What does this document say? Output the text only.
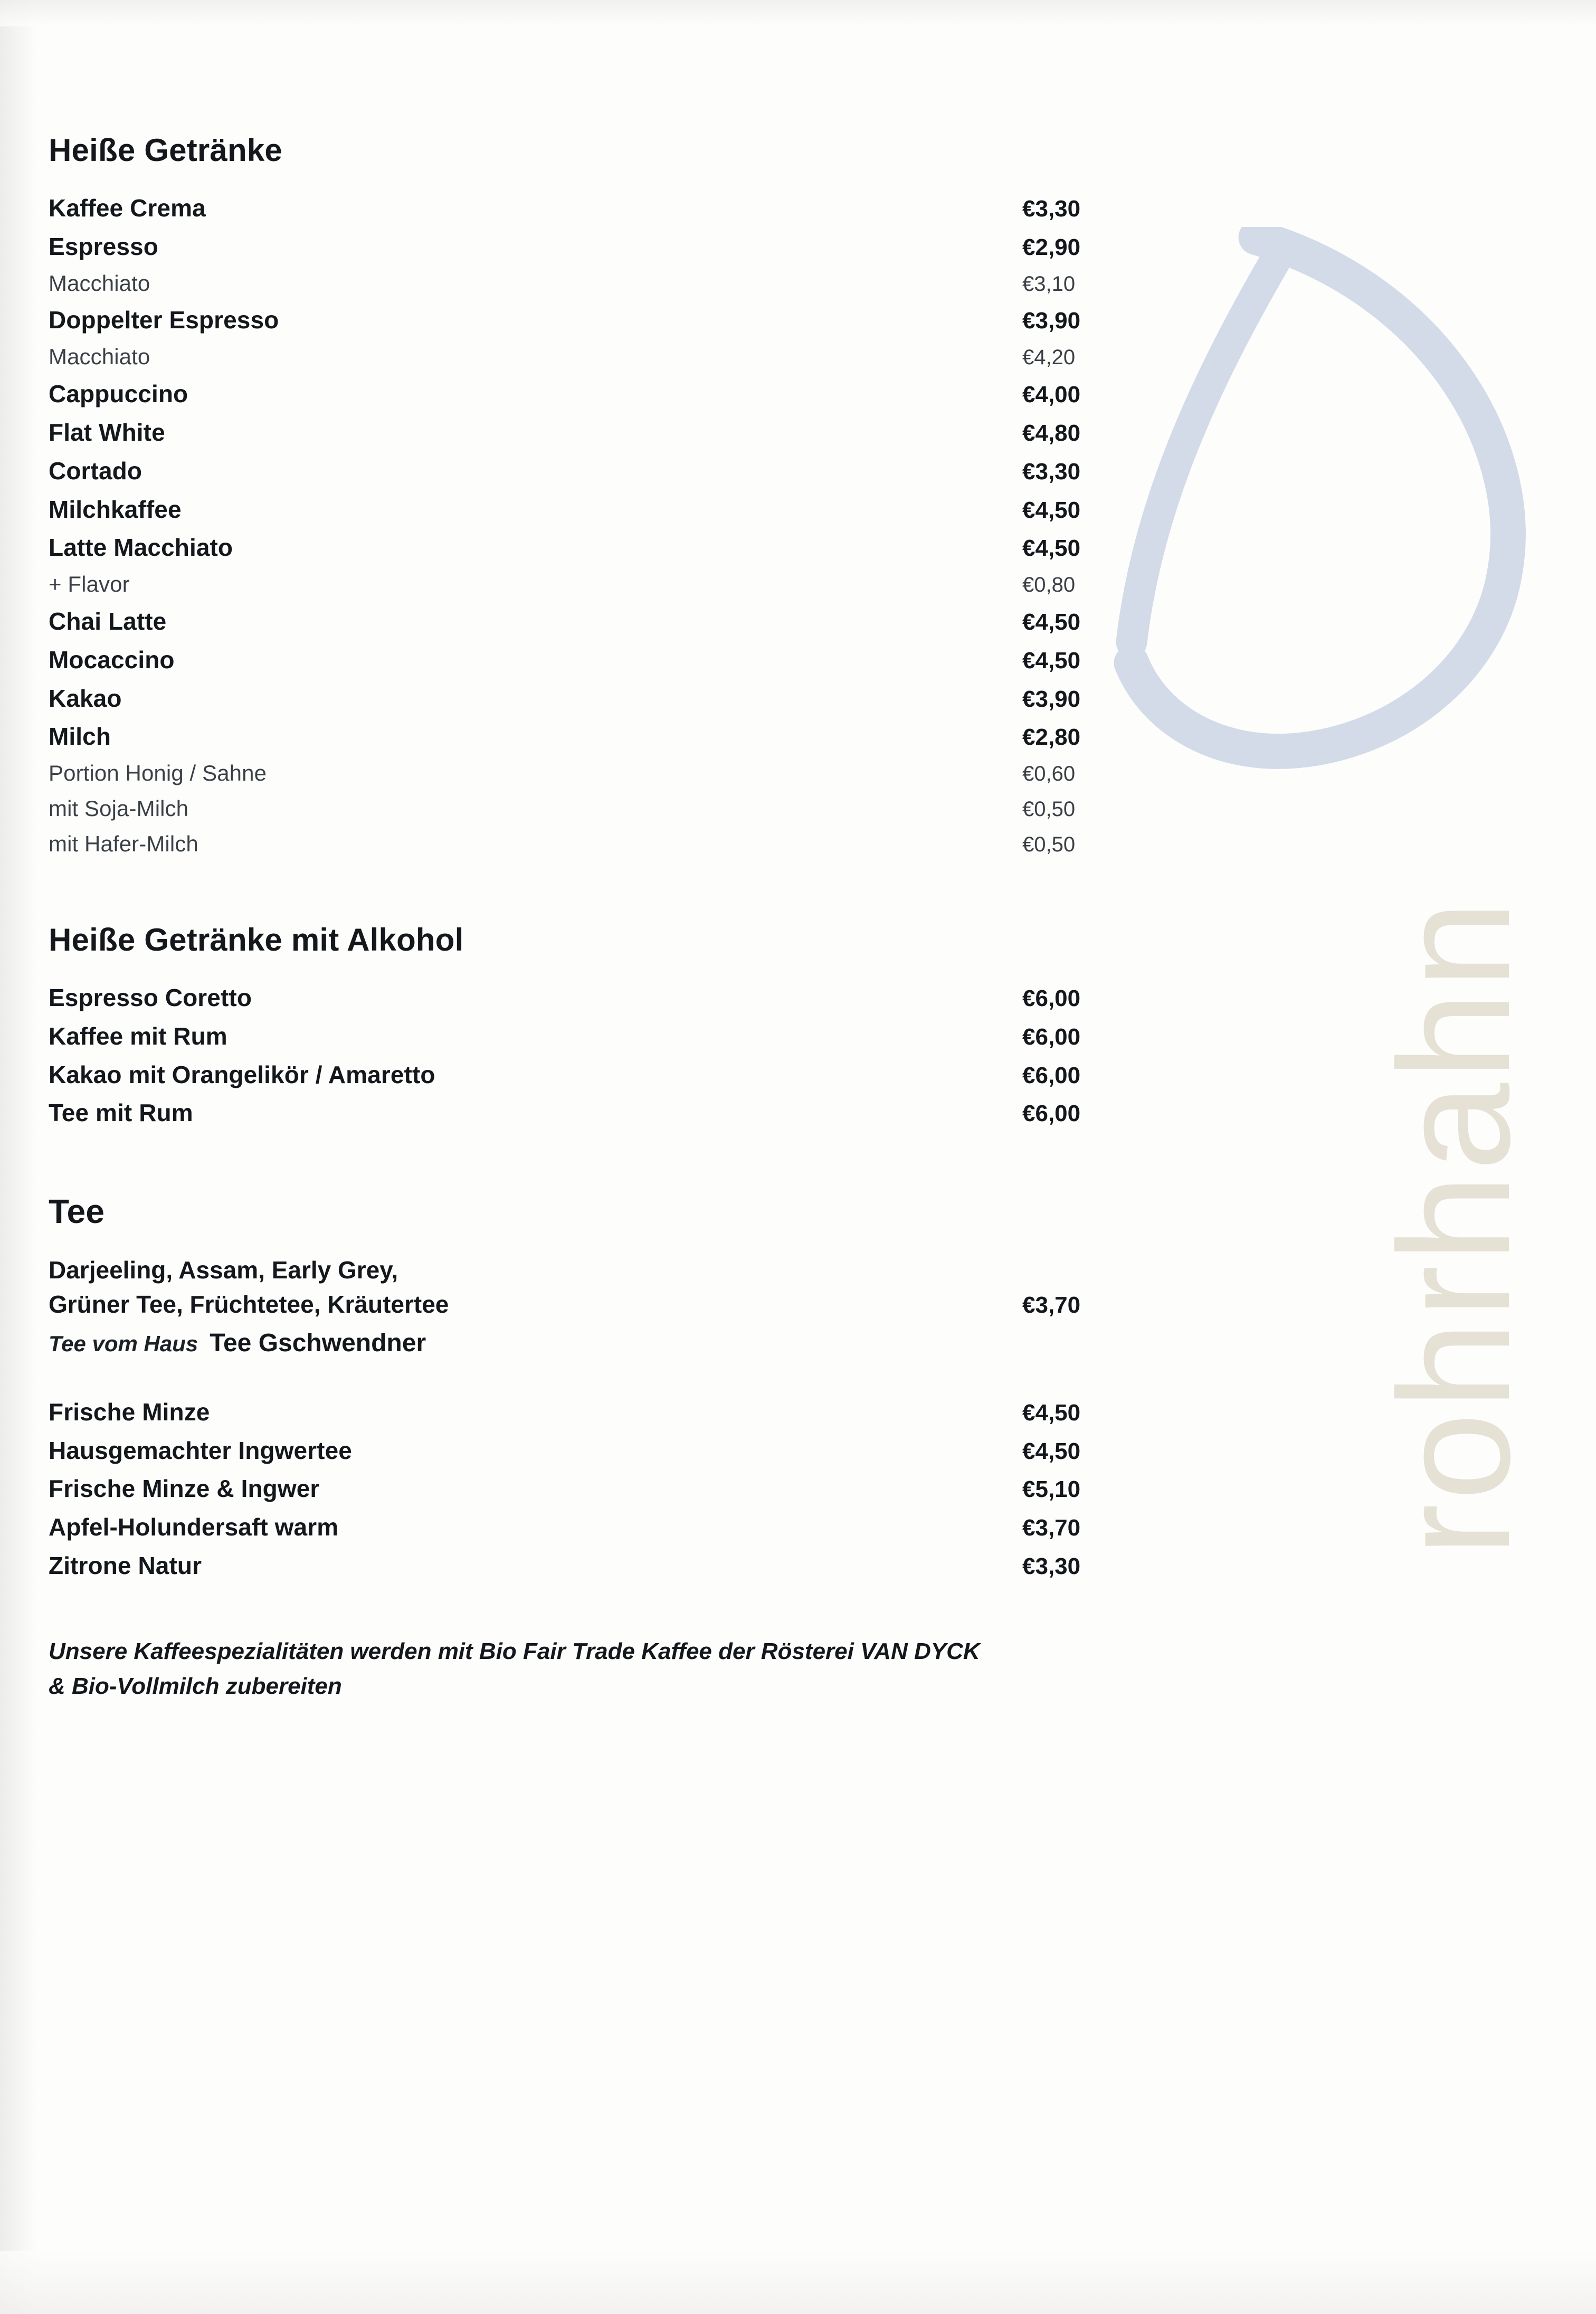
rohrhahn
Heiße Getränke
Kaffee Crema	€3,30
Espresso	€2,90
Macchiato	€3,10
Doppelter Espresso	€3,90
Macchiato	€4,20
Cappuccino	€4,00
Flat White	€4,80
Cortado	€3,30
Milchkaffee	€4,50
Latte Macchiato	€4,50
+ Flavor	€0,80
Chai Latte	€4,50
Mocaccino	€4,50
Kakao	€3,90
Milch	€2,80
Portion Honig / Sahne	€0,60
mit Soja-Milch	€0,50
mit Hafer-Milch	€0,50
Heiße Getränke mit Alkohol
Espresso Coretto	€6,00
Kaffee mit Rum	€6,00
Kakao mit Orangelikör / Amaretto	€6,00
Tee mit Rum	€6,00
Tee
Darjeeling, Assam, Early Grey,
Grüner Tee, Früchtetee, Kräutertee	€3,70
Tee vom Haus Tee Gschwendner
Frische Minze	€4,50
Hausgemachter Ingwertee	€4,50
Frische Minze & Ingwer	€5,10
Apfel-Holundersaft warm	€3,70
Zitrone Natur	€3,30
Unsere Kaffeespezialitäten werden mit Bio Fair Trade Kaffee der Rösterei VAN DYCK
& Bio-Vollmilch zubereiten
